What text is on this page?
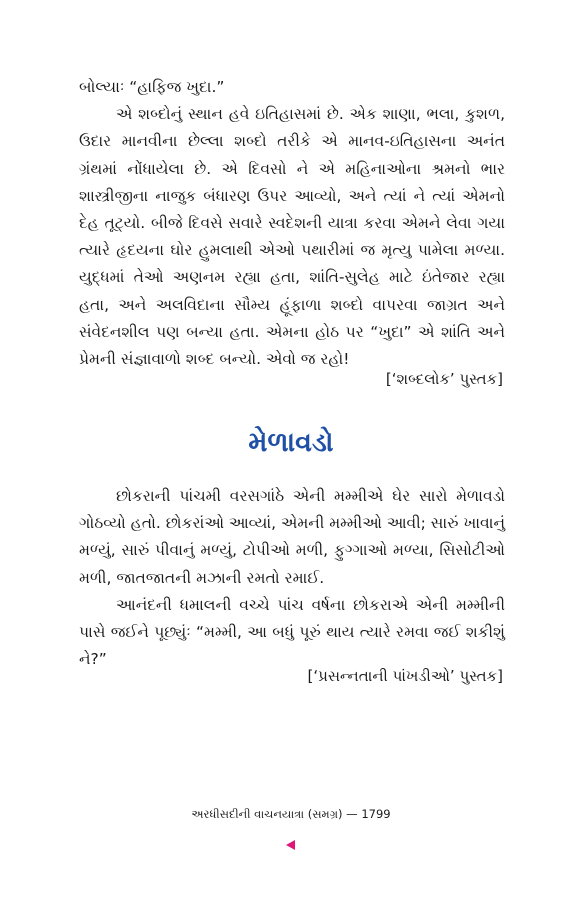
બોલ્યાઃ “હાફિજ ખુદા.”

એ શબ્દોનું સ્થાન હવે ઇતિહાસમાં છે. એક શાણા, ભલા, કુશળ, ઉદાર માનવીના છેલ્લા શબ્દો તરીકે એ માનવ-ઇતિહાસના અનંત ગ્રંથમાં નોંધાયેલા છે. એ દિવસો ને એ મહિનાઓના શ્રમનો ભાર શાસ્ત્રીજીના નાજુક બંધારણ ઉપર આવ્યો, અને ત્યાં ને ત્યાં એમનો દેહ તૂટ્યો. બીજે દિવસે સવારે સ્વદેશની યાત્રા કરવા એમને લેવા ગયા ત્યારે હૃદયના ઘોર હુમલાથી એઓ પથારીમાં જ મૃત્યુ પામેલા મળ્યા. યુદ્ધમાં તેઓ અણનમ રહ્યા હતા, શાંતિ-સુલેહ માટે ઇંતેજાર રહ્યા હતા, અને અલવિદાના સૌમ્ય હૂંફાળા શબ્દો વાપરવા જાગ્રત અને સંવેદનશીલ પણ બન્યા હતા. એમના હોઠ પર “ખુદા” એ શાંતિ અને પ્રેમની સંજ્ઞાવાળો શબ્દ બન્યો. એવો જ રહો!

[‘શબ્દલોક’ પુસ્તક]
મેળાવડો

છોકરાની પાંચમી વરસગાંઠે એની મમ્મીએ ઘેર સારો મેળાવડો ગોઠવ્યો હતો. છોકરાંઓ આવ્યાં, એમની મમ્મીઓ આવી; સારું ખાવાનું મળ્યું, સારું પીવાનું મળ્યું, ટોપીઓ મળી, ફુગ્ગાઓ મળ્યા, સિસોટીઓ મળી, જાતજાતની મઝાની રમતો રમાઈ.

આનંદની ધમાલની વચ્ચે પાંચ વર્ષના છોકરાએ એની મમ્મીની પાસે જઈને પૂછ્યુંઃ “મમ્મી, આ બધું પૂરું થાય ત્યારે રમવા જઈ શકીશું ને?”

[‘પ્રસન્નતાની પાંખડીઓ’ પુસ્તક]
અરધીસદીની વાચનયાત્રા (સમગ્ર) — 1799
